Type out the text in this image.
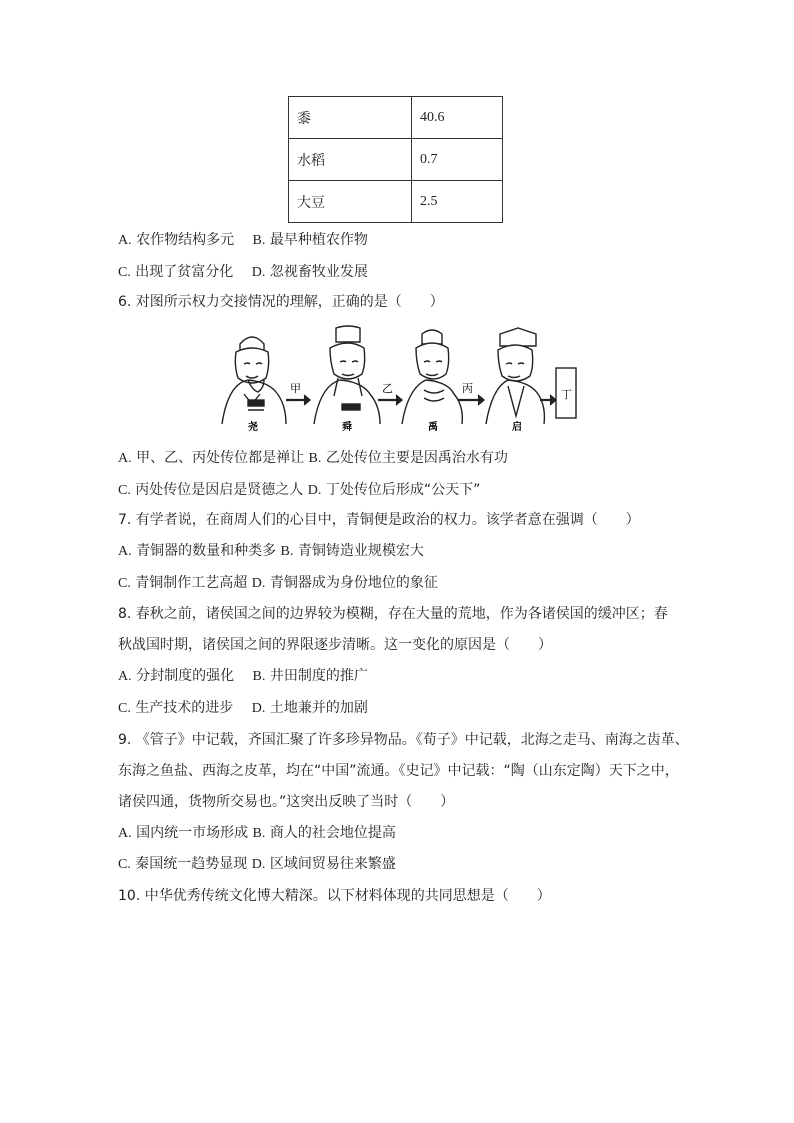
黍	40.6
水稻	0.7
大豆	2.5
A. 农作物结构多元 B. 最早种植农作物
C. 出现了贫富分化 D. 忽视畜牧业发展
6. 对图所示权力交接情况的理解，正确的是（　　）
甲	乙	丙	丁
尧	舜	禹	启
A. 甲、乙、丙处传位都是禅让 B. 乙处传位主要是因禹治水有功
C. 丙处传位是因启是贤德之人 D. 丁处传位后形成“公天下”
7. 有学者说，在商周人们的心目中，青铜便是政治的权力。该学者意在强调（　　）
A. 青铜器的数量和种类多 B. 青铜铸造业规模宏大
C. 青铜制作工艺高超 D. 青铜器成为身份地位的象征
8. 春秋之前，诸侯国之间的边界较为模糊，存在大量的荒地，作为各诸侯国的缓冲区；春
秋战国时期，诸侯国之间的界限逐步清晰。这一变化的原因是（　　）
A. 分封制度的强化 B. 井田制度的推广
C. 生产技术的进步 D. 土地兼并的加剧
9. 《管子》中记载，齐国汇聚了许多珍异物品。《荀子》中记载，北海之走马、南海之齿革、
东海之鱼盐、西海之皮革，均在“中国”流通。《史记》中记载：“陶（山东定陶）天下之中，
诸侯四通，货物所交易也。”这突出反映了当时（　　）
A. 国内统一市场形成 B. 商人的社会地位提高
C. 秦国统一趋势显现 D. 区域间贸易往来繁盛
10. 中华优秀传统文化博大精深。以下材料体现的共同思想是（　　）
